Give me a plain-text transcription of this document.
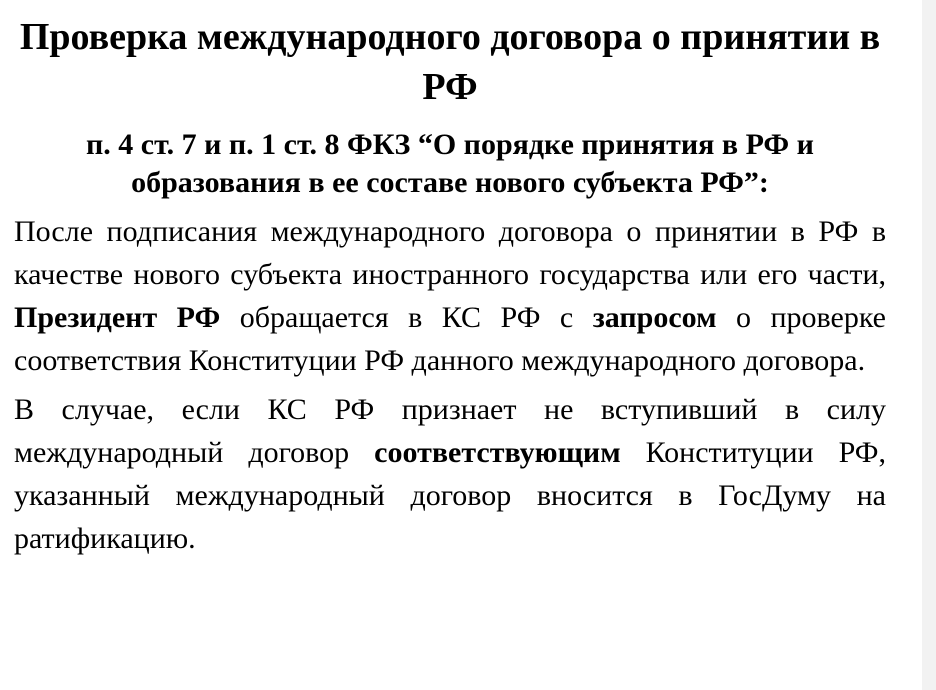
Проверка международного договора о принятии в РФ
п. 4 ст. 7 и п. 1 ст. 8 ФКЗ “О порядке принятия в РФ и образования в ее составе нового субъекта РФ”:

После подписания международного договора о принятии в РФ в качестве нового субъекта иностранного государства или его части, Президент РФ обращается в КС РФ с запросом о проверке соответствия Конституции РФ данного международного договора.

В случае, если КС РФ признает не вступивший в силу международный договор соответствующим Конституции РФ, указанный международный договор вносится в ГосДуму на ратификацию.
